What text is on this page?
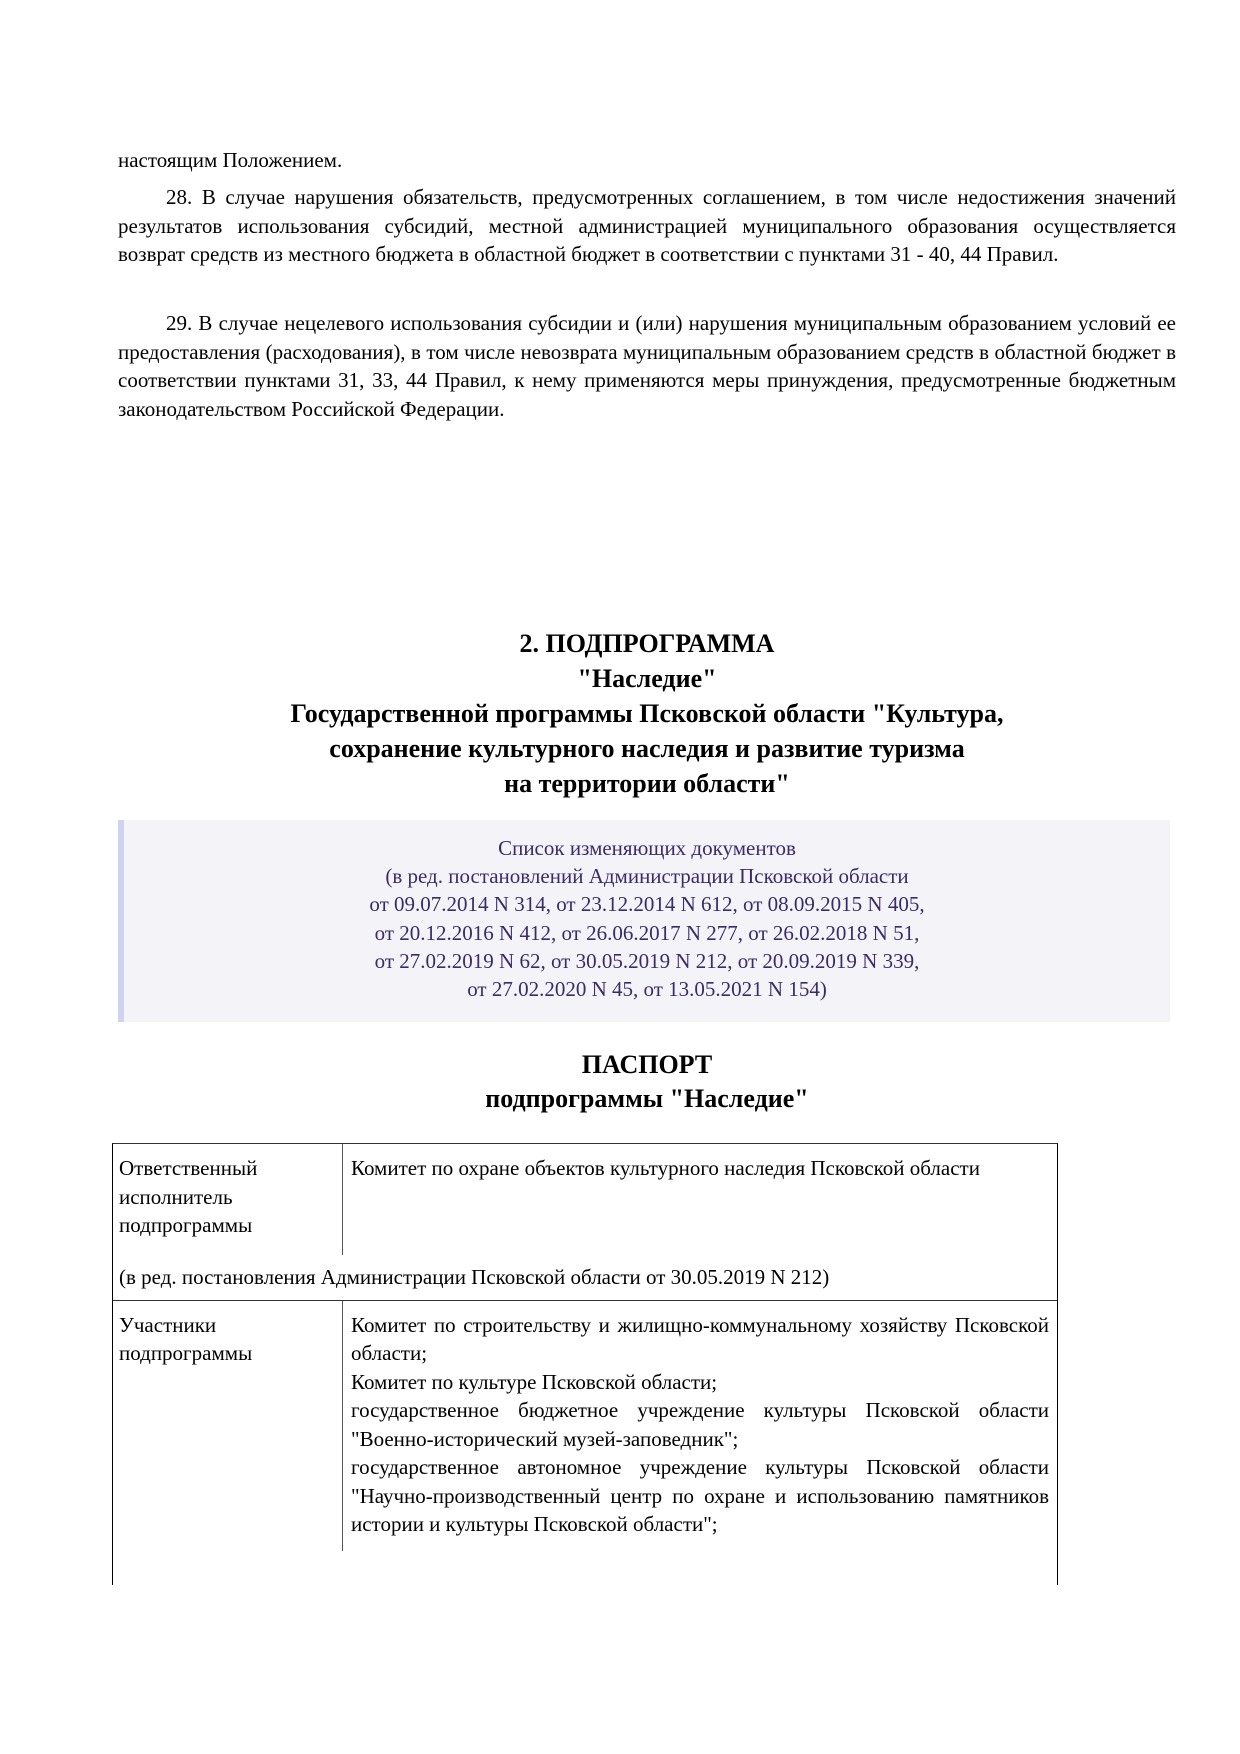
настоящим Положением.
28. В случае нарушения обязательств, предусмотренных соглашением, в том числе недостижения значений результатов использования субсидий, местной администрацией муниципального образования осуществляется возврат средств из местного бюджета в областной бюджет в соответствии с пунктами 31 - 40, 44 Правил.
29. В случае нецелевого использования субсидии и (или) нарушения муниципальным образованием условий ее предоставления (расходования), в том числе невозврата муниципальным образованием средств в областной бюджет в соответствии пунктами 31, 33, 44 Правил, к нему применяются меры принуждения, предусмотренные бюджетным законодательством Российской Федерации.
2. ПОДПРОГРАММА
"Наследие"
Государственной программы Псковской области "Культура,
сохранение культурного наследия и развитие туризма
на территории области"
Список изменяющих документов
(в ред. постановлений Администрации Псковской области
от 09.07.2014 N 314, от 23.12.2014 N 612, от 08.09.2015 N 405,
от 20.12.2016 N 412, от 26.06.2017 N 277, от 26.02.2018 N 51,
от 27.02.2019 N 62, от 30.05.2019 N 212, от 20.09.2019 N 339,
от 27.02.2020 N 45, от 13.05.2021 N 154)
ПАСПОРТ
подпрограммы "Наследие"
Ответственный исполнитель подпрограммы
Комитет по охране объектов культурного наследия Псковской области
(в ред. постановления Администрации Псковской области от 30.05.2019 N 212)
Участники подпрограммы
Комитет по строительству и жилищно-коммунальному хозяйству Псковской области;
Комитет по культуре Псковской области;
государственное бюджетное учреждение культуры Псковской области "Военно-исторический музей-заповедник";
государственное автономное учреждение культуры Псковской области "Научно-производственный центр по охране и использованию памятников истории и культуры Псковской области";
